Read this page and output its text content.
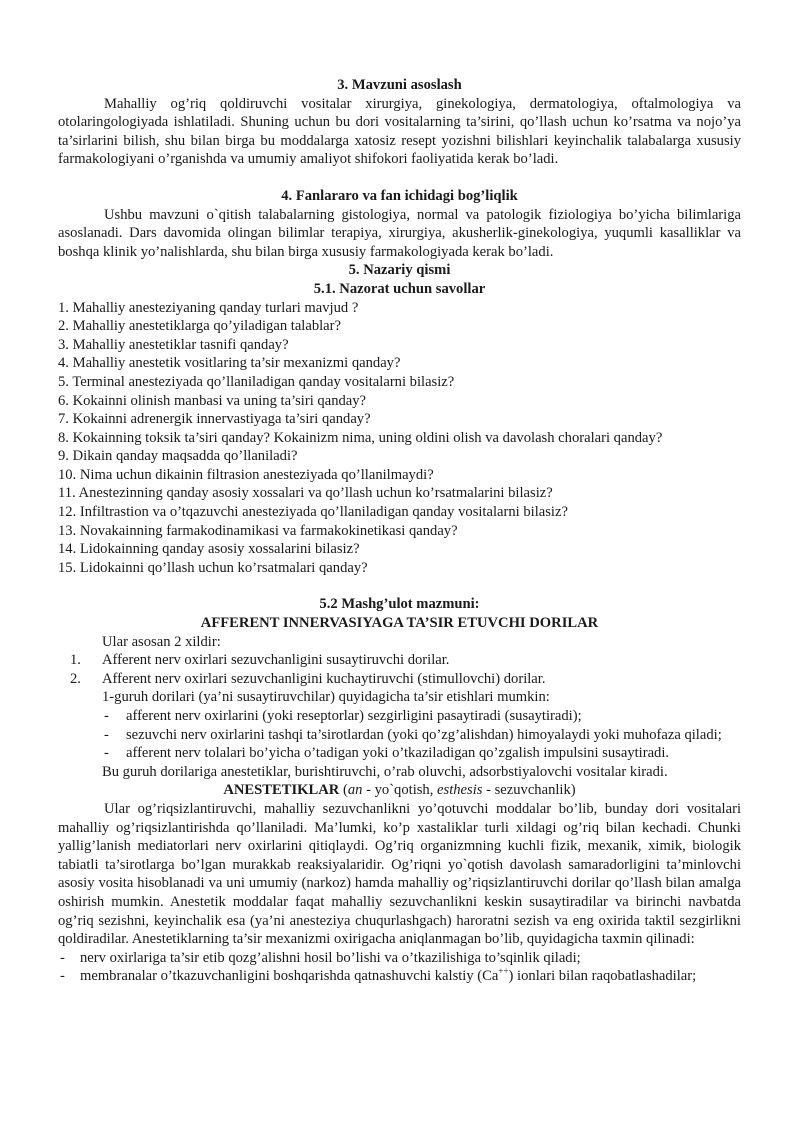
3. Mavzuni asoslash
Mahalliy og’riq qoldiruvchi vositalar xirurgiya, ginekologiya, dermatologiya, oftalmologiya va otolaringologiyada ishlatiladi. Shuning uchun bu dori vositalarning ta’sirini, qo’llash uchun ko’rsatma va nojo’ya ta’sirlarini bilish, shu bilan birga bu moddalarga xatosiz resept yozishni bilishlari keyinchalik talabalarga xususiy farmakologiyani o’rganishda va umumiy amaliyot shifokori faoliyatida kerak bo’ladi.
4. Fanlararo va fan ichidagi bog’liqlik
Ushbu mavzuni o`qitish talabalarning gistologiya, normal va patologik fiziologiya bo’yicha bilimlariga asoslanadi. Dars davomida olingan bilimlar terapiya, xirurgiya, akusherlik-ginekologiya, yuqumli kasalliklar va boshqa klinik yo’nalishlarda, shu bilan birga xususiy farmakologiyada kerak bo’ladi.
5. Nazariy qismi
5.1. Nazorat uchun savollar
1. Mahalliy anesteziyaning qanday turlari mavjud ?
2. Mahalliy anestetiklarga qo’yiladigan talablar?
3. Mahalliy anestetiklar tasnifi qanday?
4. Mahalliy anestetik vositlaring ta’sir mexanizmi qanday?
5. Terminal anesteziyada qo’llaniladigan qanday vositalarni bilasiz?
6. Kokainni olinish manbasi va uning ta’siri qanday?
7. Kokainni adrenergik innervastiyaga ta’siri qanday?
8. Kokainning toksik ta’siri qanday? Kokainizm nima, uning oldini olish va davolash choralari qanday?
9. Dikain qanday maqsadda qo’llaniladi?
10. Nima uchun dikainin filtrasion anesteziyada qo’llanilmaydi?
11. Anestezinning qanday asosiy xossalari va qo’llash uchun ko’rsatmalarini bilasiz?
12. Infiltrastion va o’tqazuvchi anesteziyada qo’llaniladigan qanday vositalarni bilasiz?
13. Novakainning farmakodinamikasi va farmakokinetikasi qanday?
14. Lidokainning qanday asosiy xossalarini bilasiz?
15. Lidokainni qo’llash uchun ko’rsatmalari qanday?
5.2 Mashg’ulot mazmuni:
AFFERENT INNERVASIYAGA TA’SIR ETUVCHI DORILAR
Ular asosan 2 xildir:
1. Afferent nerv oxirlari sezuvchanligini susaytiruvchi dorilar.
2. Afferent nerv oxirlari sezuvchanligini kuchaytiruvchi (stimullovchi) dorilar.
1-guruh dorilari (ya’ni susaytiruvchilar) quyidagicha ta’sir etishlari mumkin:
- afferent nerv oxirlarini (yoki reseptorlar) sezgirligini pasaytiradi (susaytiradi);
- sezuvchi nerv oxirlarini tashqi ta’sirotlardan (yoki qo’zg’alishdan) himoyalaydi yoki muhofaza qiladi;
- afferent nerv tolalari bo’yicha o’tadigan yoki o’tkaziladigan qo’zgalish impulsini susaytiradi.
Bu guruh dorilariga anestetiklar, burishtiruvchi, o’rab oluvchi, adsorbstiyalovchi vositalar kiradi.
ANESTETIKLAR (an - yo`qotish, esthesis - sezuvchanlik)
Ular og’riqsizlantiruvchi, mahalliy sezuvchanlikni yo’qotuvchi moddalar bo’lib, bunday dori vositalari mahalliy og’riqsizlantirishda qo’llaniladi. Ma’lumki, ko’p xastaliklar turli xildagi og’riq bilan kechadi. Chunki yallig’lanish mediatorlari nerv oxirlarini qitiqlaydi. Og’riq organizmning kuchli fizik, mexanik, ximik, biologik tabiatli ta’sirotlarga bo’lgan murakkab reaksiyalaridir. Og’riqni yo`qotish davolash samaradorligini ta’minlovchi asosiy vosita hisoblanadi va uni umumiy (narkoz) hamda mahalliy og’riqsizlantiruvchi dorilar qo’llash bilan amalga oshirish mumkin. Anestetik moddalar faqat mahalliy sezuvchanlikni keskin susaytiradilar va birinchi navbatda og’riq sezishni, keyinchalik esa (ya’ni anesteziya chuqurlashgach) haroratni sezish va eng oxirida taktil sezgirlikni qoldiradilar. Anestetiklarning ta’sir mexanizmi oxirigacha aniqlanmagan bo’lib, quyidagicha taxmin qilinadi:
- nerv oxirlariga ta’sir etib qozg’alishni hosil bo’lishi va o’tkazilishiga to’sqinlik qiladi;
- membranalar o’tkazuvchanligini boshqarishda qatnashuvchi kalstiy (Ca++) ionlari bilan raqobatlashadilar;
